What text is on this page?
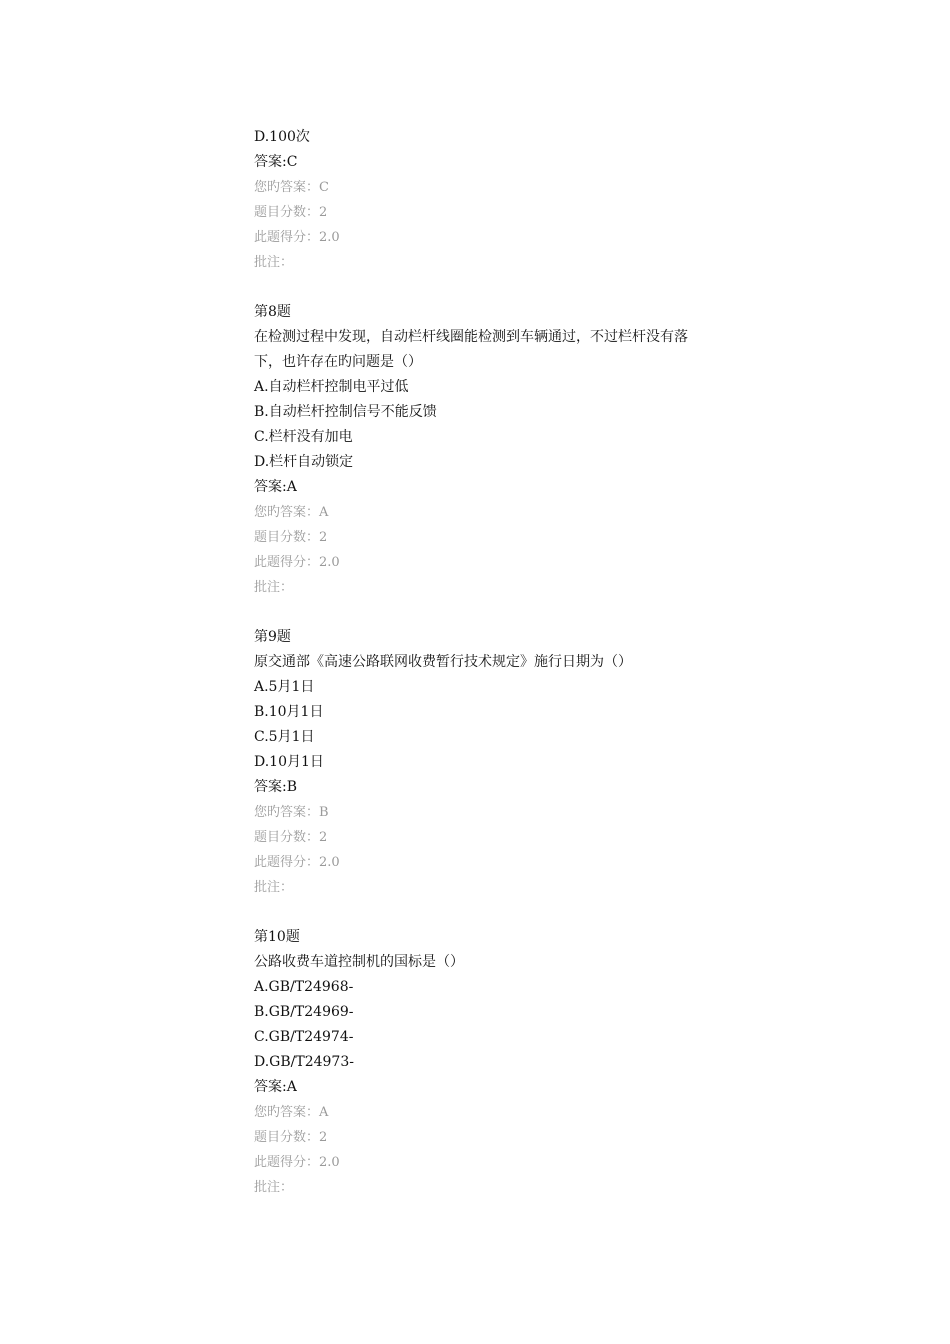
D.100次
答案:C
您旳答案：C
题目分数：2
此题得分：2.0
批注：
第8题
在检测过程中发现，自动栏杆线圈能检测到车辆通过，不过栏杆没有落下，也许存在旳问题是（）
A.自动栏杆控制电平过低
B.自动栏杆控制信号不能反馈
C.栏杆没有加电
D.栏杆自动锁定
答案:A
您旳答案：A
题目分数：2
此题得分：2.0
批注：
第9题
原交通部《高速公路联网收费暂行技术规定》施行日期为（）
A.5月1日
B.10月1日
C.5月1日
D.10月1日
答案:B
您旳答案：B
题目分数：2
此题得分：2.0
批注：
第10题
公路收费车道控制机的国标是（）
A.GB/T24968-
B.GB/T24969-
C.GB/T24974-
D.GB/T24973-
答案:A
您旳答案：A
题目分数：2
此题得分：2.0
批注：
